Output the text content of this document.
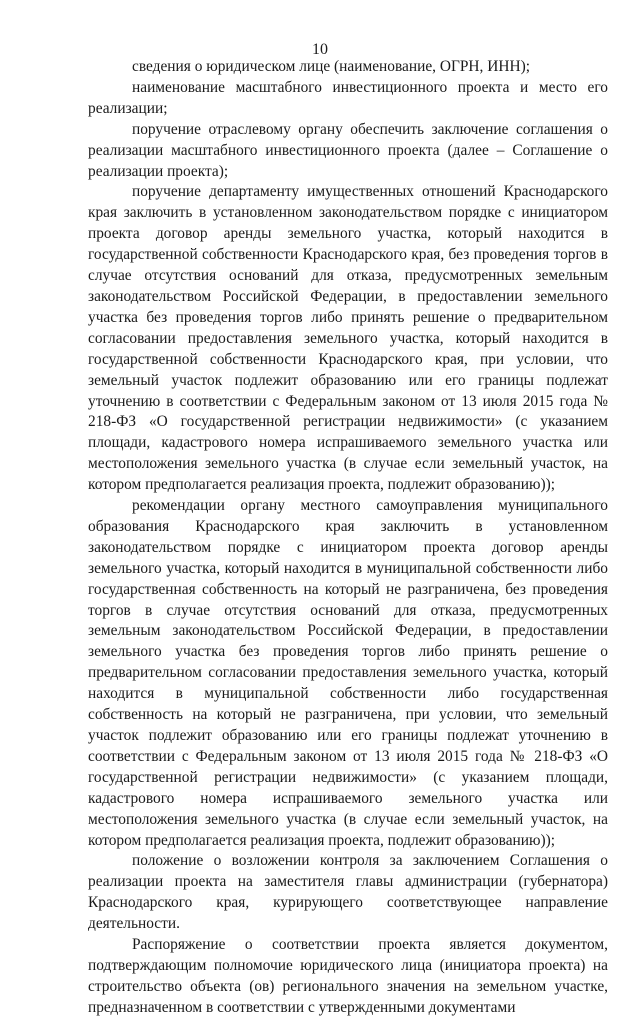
10

сведения о юридическом лице (наименование, ОГРН, ИНН);

наименование масштабного инвестиционного проекта и место его реализации;

поручение отраслевому органу обеспечить заключение соглашения о реализации масштабного инвестиционного проекта (далее – Соглашение о реализации проекта);

поручение департаменту имущественных отношений Краснодарского края заключить в установленном законодательством порядке с инициатором проекта договор аренды земельного участка, который находится в государственной собственности Краснодарского края, без проведения торгов в случае отсутствия оснований для отказа, предусмотренных земельным законодательством Российской Федерации, в предоставлении земельного участка без проведения торгов либо принять решение о предварительном согласовании предоставления земельного участка, который находится в государственной собственности Краснодарского края, при условии, что земельный участок подлежит образованию или его границы подлежат уточнению в соответствии с Федеральным законом от 13 июля 2015 года № 218-ФЗ «О государственной регистрации недвижимости» (с указанием площади, кадастрового номера испрашиваемого земельного участка или местоположения земельного участка (в случае если земельный участок, на котором предполагается реализация проекта, подлежит образованию));

рекомендации органу местного самоуправления муниципального образования Краснодарского края заключить в установленном законодательством порядке с инициатором проекта договор аренды земельного участка, который находится в муниципальной собственности либо государственная собственность на который не разграничена, без проведения торгов в случае отсутствия оснований для отказа, предусмотренных земельным законодательством Российской Федерации, в предоставлении земельного участка без проведения торгов либо принять решение о предварительном согласовании предоставления земельного участка, который находится в муниципальной собственности либо государственная собственность на который не разграничена, при условии, что земельный участок подлежит образованию или его границы подлежат уточнению в соответствии с Федеральным законом от 13 июля 2015 года № 218-ФЗ «О государственной регистрации недвижимости» (с указанием площади, кадастрового номера испрашиваемого земельного участка или местоположения земельного участка (в случае если земельный участок, на котором предполагается реализация проекта, подлежит образованию));

положение о возложении контроля за заключением Соглашения о реализации проекта на заместителя главы администрации (губернатора) Краснодарского края, курирующего соответствующее направление деятельности.

Распоряжение о соответствии проекта является документом, подтверждающим полномочие юридического лица (инициатора проекта) на строительство объекта (ов) регионального значения на земельном участке, предназначенном в соответствии с утвержденными документами
